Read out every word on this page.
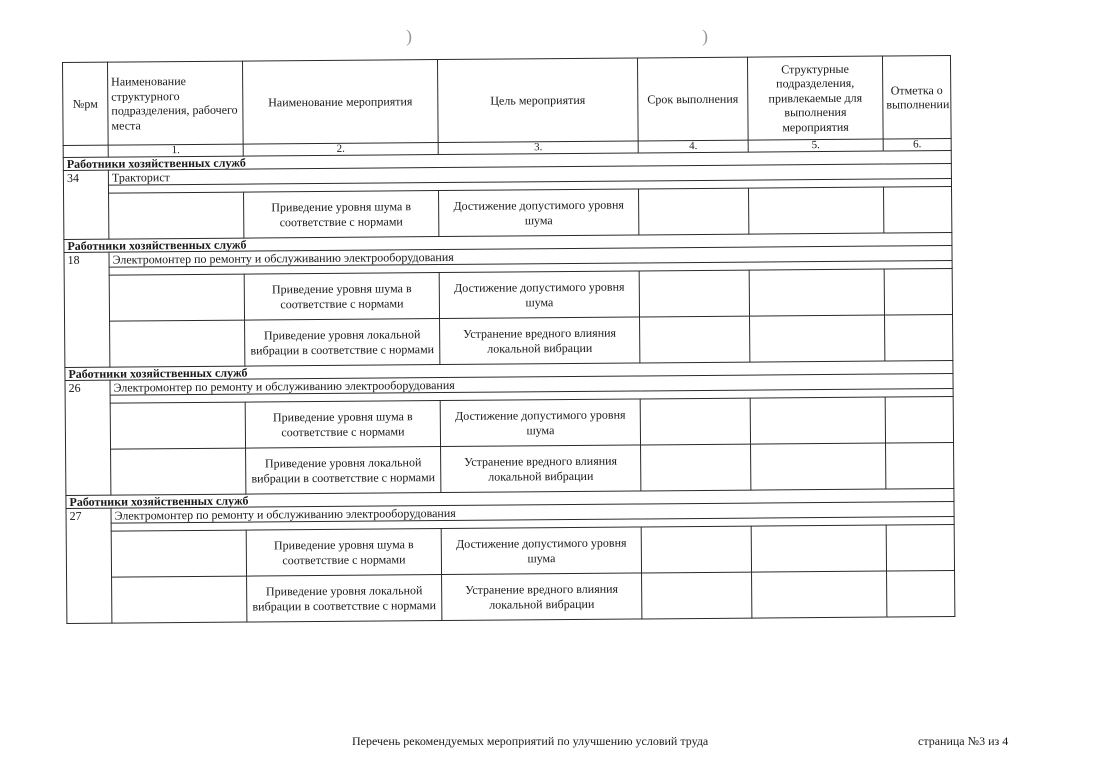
)	)
№рм	Наименование структурного подразделения, рабочего места	Наименование мероприятия	Цель мероприятия	Срок выполнения	Структурные подразделения, привлекаемые для выполнения мероприятия	Отметка о выполнении
	1.	2.	3.	4.	5.	6.
Работники хозяйственных служб						
34	Тракторист					

		Приведение уровня шума в соответствие с нормами	Достижение допустимого уровня шума			
Работники хозяйственных служб						
18	Электромонтер по ремонту и обслуживанию электрооборудования					

		Приведение уровня шума в соответствие с нормами	Достижение допустимого уровня шума			
		Приведение уровня локальной вибрации в соответствие с нормами	Устранение вредного влияния локальной вибрации			
Работники хозяйственных служб						
26	Электромонтер по ремонту и обслуживанию электрооборудования					

		Приведение уровня шума в соответствие с нормами	Достижение допустимого уровня шума			
		Приведение уровня локальной вибрации в соответствие с нормами	Устранение вредного влияния локальной вибрации			
Работники хозяйственных служб						
27	Электромонтер по ремонту и обслуживанию электрооборудования					

		Приведение уровня шума в соответствие с нормами	Достижение допустимого уровня шума			
		Приведение уровня локальной вибрации в соответствие с нормами	Устранение вредного влияния локальной вибрации			
Перечень рекомендуемых мероприятий по улучшению условий труда	страница №3 из 4
